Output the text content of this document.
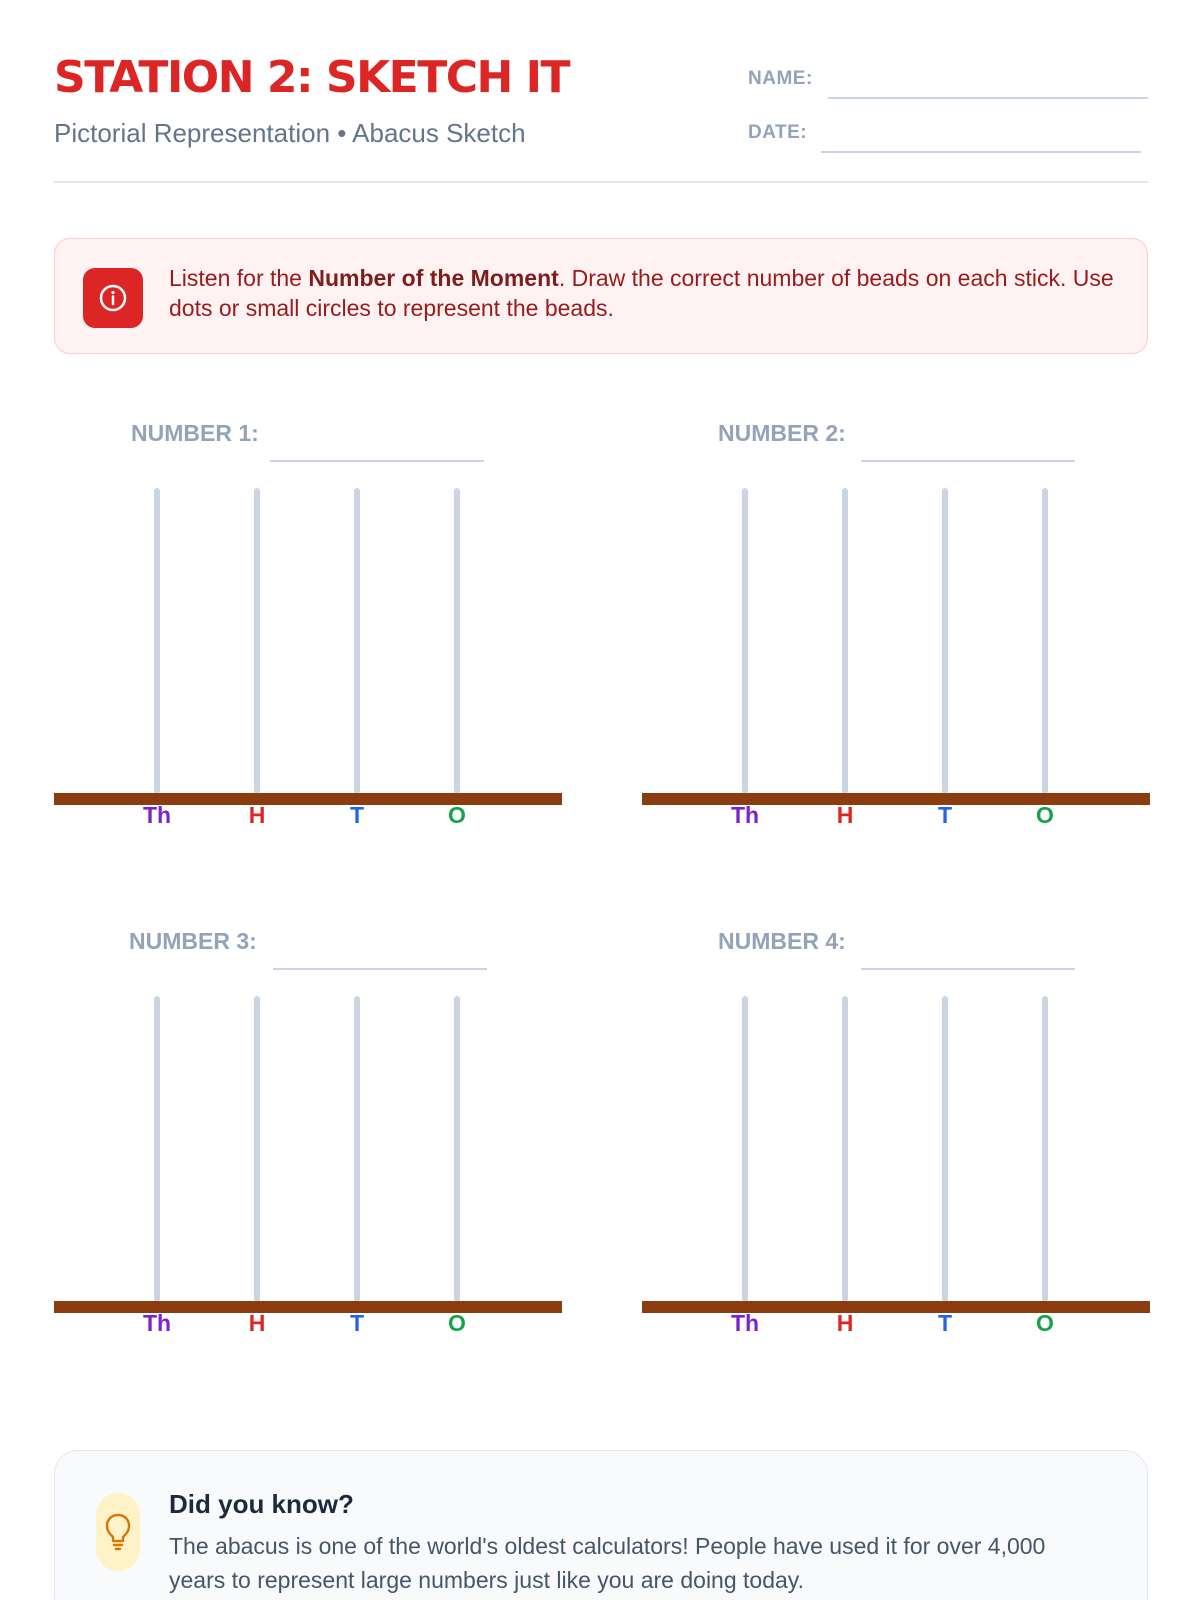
STATION 2: SKETCH IT
Pictorial Representation • Abacus Sketch
NAME:
DATE:
Listen for the Number of the Moment. Draw the correct number of beads on each stick. Use dots or small circles to represent the beads.
NUMBER 1:
Th	H	T	O
NUMBER 2:
Th	H	T	O
NUMBER 3:
Th	H	T	O
NUMBER 4:
Th	H	T	O
Did you know?
The abacus is one of the world's oldest calculators! People have used it for over 4,000 years to represent large numbers just like you are doing today.
